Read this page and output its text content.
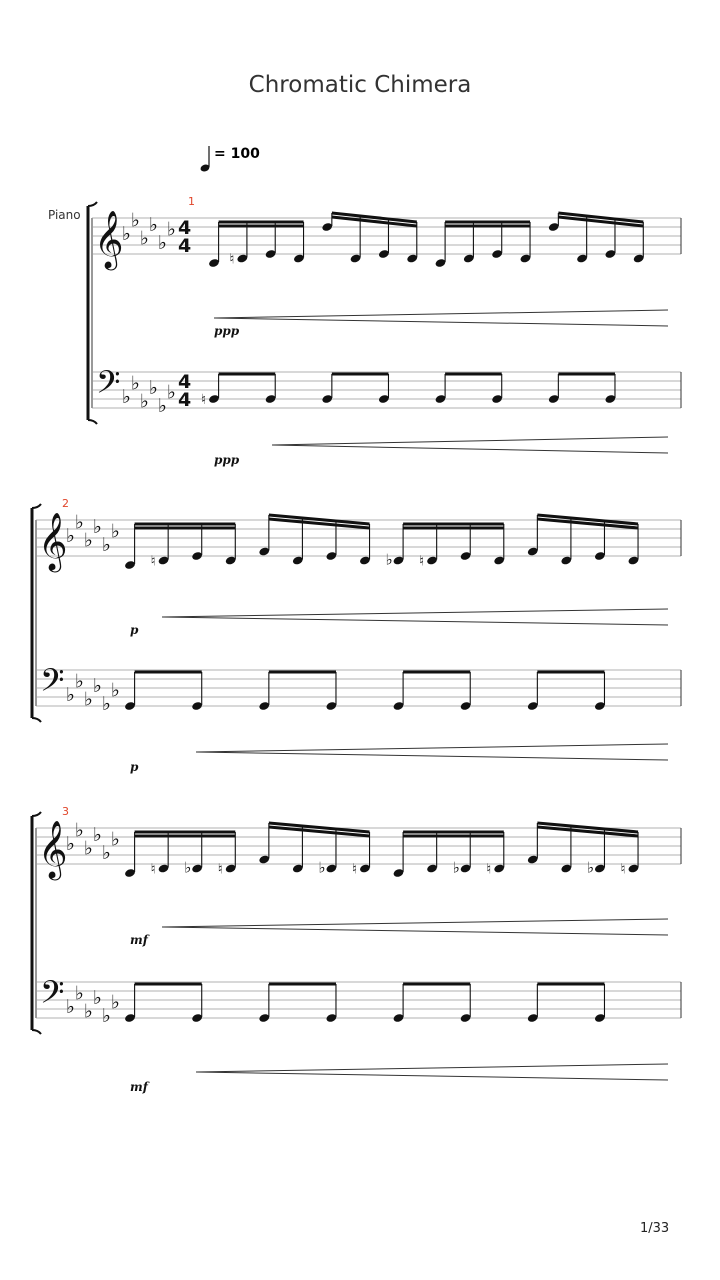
Chromatic Chimera
= 100
Piano 𝄞
𝄢
♭
♭
♭
♭
♭
♭
♭
♭
♭
♭
♭
♭
4
4
4
4
1
♮
♮
ppp
ppp
𝄞
𝄢
♭
♭
♭
♭
♭
♭
♭
♭
♭
♭
♭
♭
2
♮	♭ ♮
p
p
𝄞
𝄢
♭
♭
♭
♭
♭
♭
♭
♭
♭
♭
♭
♭
3
♮ ♭ ♮	♭ ♮	♭ ♮	♭ ♮
mf
mf
1/33
